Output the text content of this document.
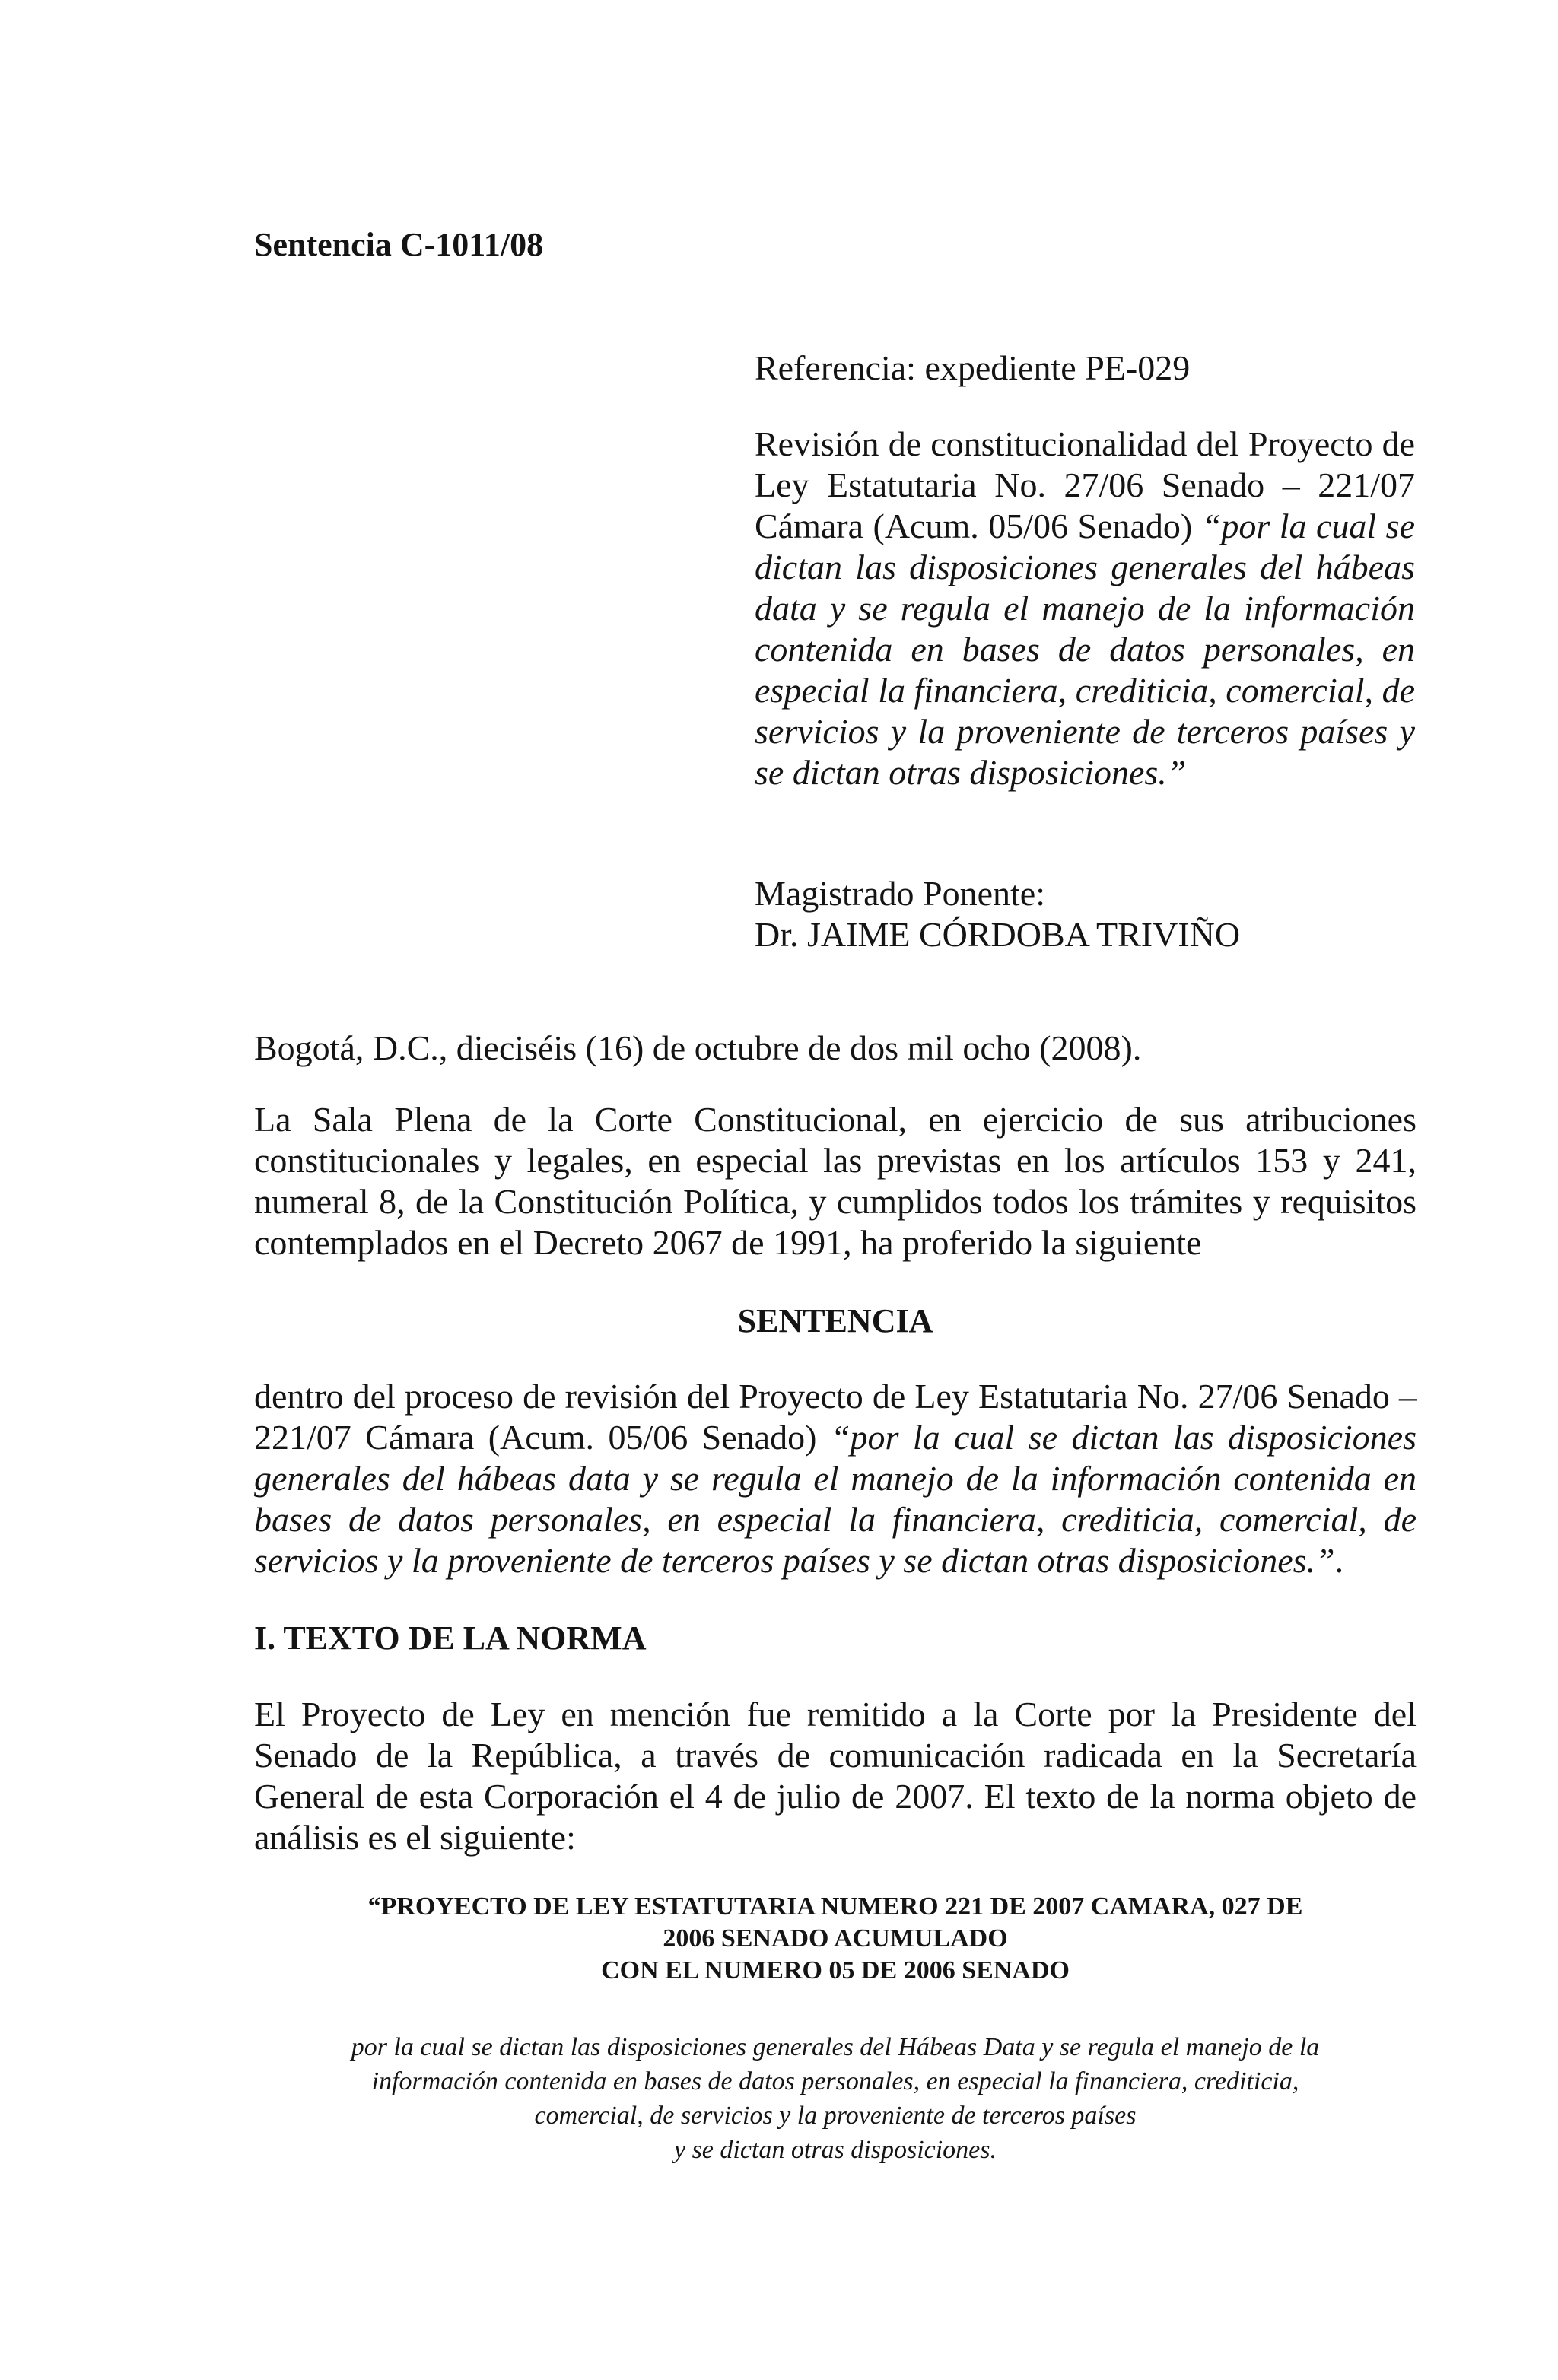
Sentencia C-1011/08
Referencia: expediente PE-029
Revisión de constitucionalidad del Proyecto de Ley Estatutaria No. 27/06 Senado – 221/07 Cámara (Acum. 05/06 Senado) “por la cual se dictan las disposiciones generales del hábeas data y se regula el manejo de la información contenida en bases de datos personales, en especial la financiera, crediticia, comercial, de servicios y la proveniente de terceros países y se dictan otras disposiciones.”
Magistrado Ponente:
Dr. JAIME CÓRDOBA TRIVIÑO
Bogotá, D.C., dieciséis (16) de octubre de dos mil ocho (2008).
La Sala Plena de la Corte Constitucional, en ejercicio de sus atribuciones constitucionales y legales, en especial las previstas en los artículos 153 y 241, numeral 8, de la Constitución Política, y cumplidos todos los trámites y requisitos contemplados en el Decreto 2067 de 1991, ha proferido la siguiente
SENTENCIA
dentro del proceso de revisión del Proyecto de Ley Estatutaria No. 27/06 Senado – 221/07 Cámara (Acum. 05/06 Senado) “por la cual se dictan las disposiciones generales del hábeas data y se regula el manejo de la información contenida en bases de datos personales, en especial la financiera, crediticia, comercial, de servicios y la proveniente de terceros países y se dictan otras disposiciones.”.
I. TEXTO DE LA NORMA
El Proyecto de Ley en mención fue remitido a la Corte por la Presidente del Senado de la República, a través de comunicación radicada en la Secretaría General de esta Corporación el 4 de julio de 2007. El texto de la norma objeto de análisis es el siguiente:
“PROYECTO DE LEY ESTATUTARIA NUMERO 221 DE 2007 CAMARA, 027 DE
2006 SENADO ACUMULADO
CON EL NUMERO 05 DE 2006 SENADO
por la cual se dictan las disposiciones generales del Hábeas Data y se regula el manejo de la
información contenida en bases de datos personales, en especial la financiera, crediticia,
comercial, de servicios y la proveniente de terceros países
y se dictan otras disposiciones.
